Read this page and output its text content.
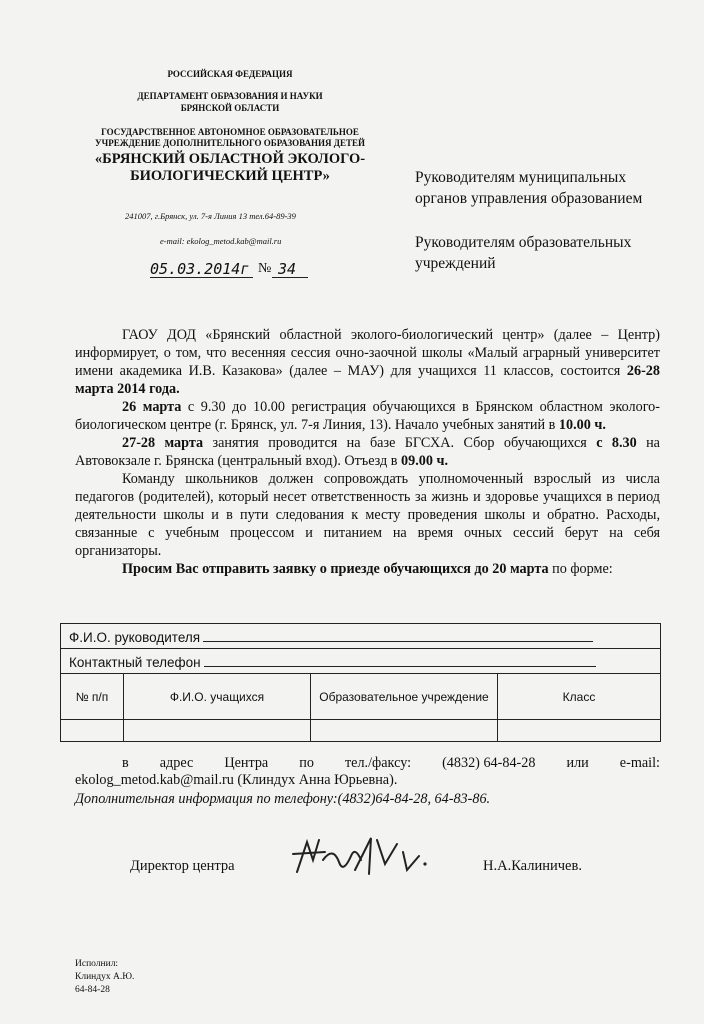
РОССИЙСКАЯ ФЕДЕРАЦИЯ
ДЕПАРТАМЕНТ ОБРАЗОВАНИЯ И НАУКИ
БРЯНСКОЙ ОБЛАСТИ
ГОСУДАРСТВЕННОЕ АВТОНОМНОЕ ОБРАЗОВАТЕЛЬНОЕ
УЧРЕЖДЕНИЕ ДОПОЛНИТЕЛЬНОГО ОБРАЗОВАНИЯ ДЕТЕЙ
«БРЯНСКИЙ ОБЛАСТНОЙ ЭКОЛОГО-
БИОЛОГИЧЕСКИЙ ЦЕНТР»
241007, г.Брянск, ул. 7-я Линия 13 тел.64-89-39
e-mail: ekolog_metod.kab@mail.ru
05.03.2014г № 34
Руководителям муниципальных
органов управления образованием
Руководителям образовательных
учреждений

ГАОУ ДОД «Брянский областной эколого-биологический центр» (далее – Центр) информирует, о том, что весенняя сессия очно-заочной школы «Малый аграрный университет имени академика И.В. Казакова» (далее – МАУ) для учащихся 11 классов, состоится 26-28 марта 2014 года.

26 марта с 9.30 до 10.00 регистрация обучающихся в Брянском областном эколого-биологическом центре (г. Брянск, ул. 7-я Линия, 13). Начало учебных занятий в 10.00 ч.

27-28 марта занятия проводится на базе БГСХА. Сбор обучающихся с 8.30 на Автовокзале г. Брянска (центральный вход). Отъезд в 09.00 ч.

Команду школьников должен сопровождать уполномоченный взрослый из числа педагогов (родителей), который несет ответственность за жизнь и здоровье учащихся в период деятельности школы и в пути следования к месту проведения школы и обратно. Расходы, связанные с учебным процессом и питанием на время очных сессий берут на себя организаторы.

Просим Вас отправить заявку о приезде обучающихся до 20 марта по форме:

Ф.И.О. руководителя			
Контактный телефон			
№ п/п	Ф.И.О. учащихся	Образовательное учреждение	Класс

в адрес Центра по тел./факсу: (4832) 64-84-28 или e-mail:
ekolog_metod.kab@mail.ru (Клиндух Анна Юрьевна).
Дополнительная информация по телефону:(4832)64-84-28, 64-83-86.
Директор центра	Н.А.Калиничев.
Исполнил:
Клиндух А.Ю.
64-84-28
